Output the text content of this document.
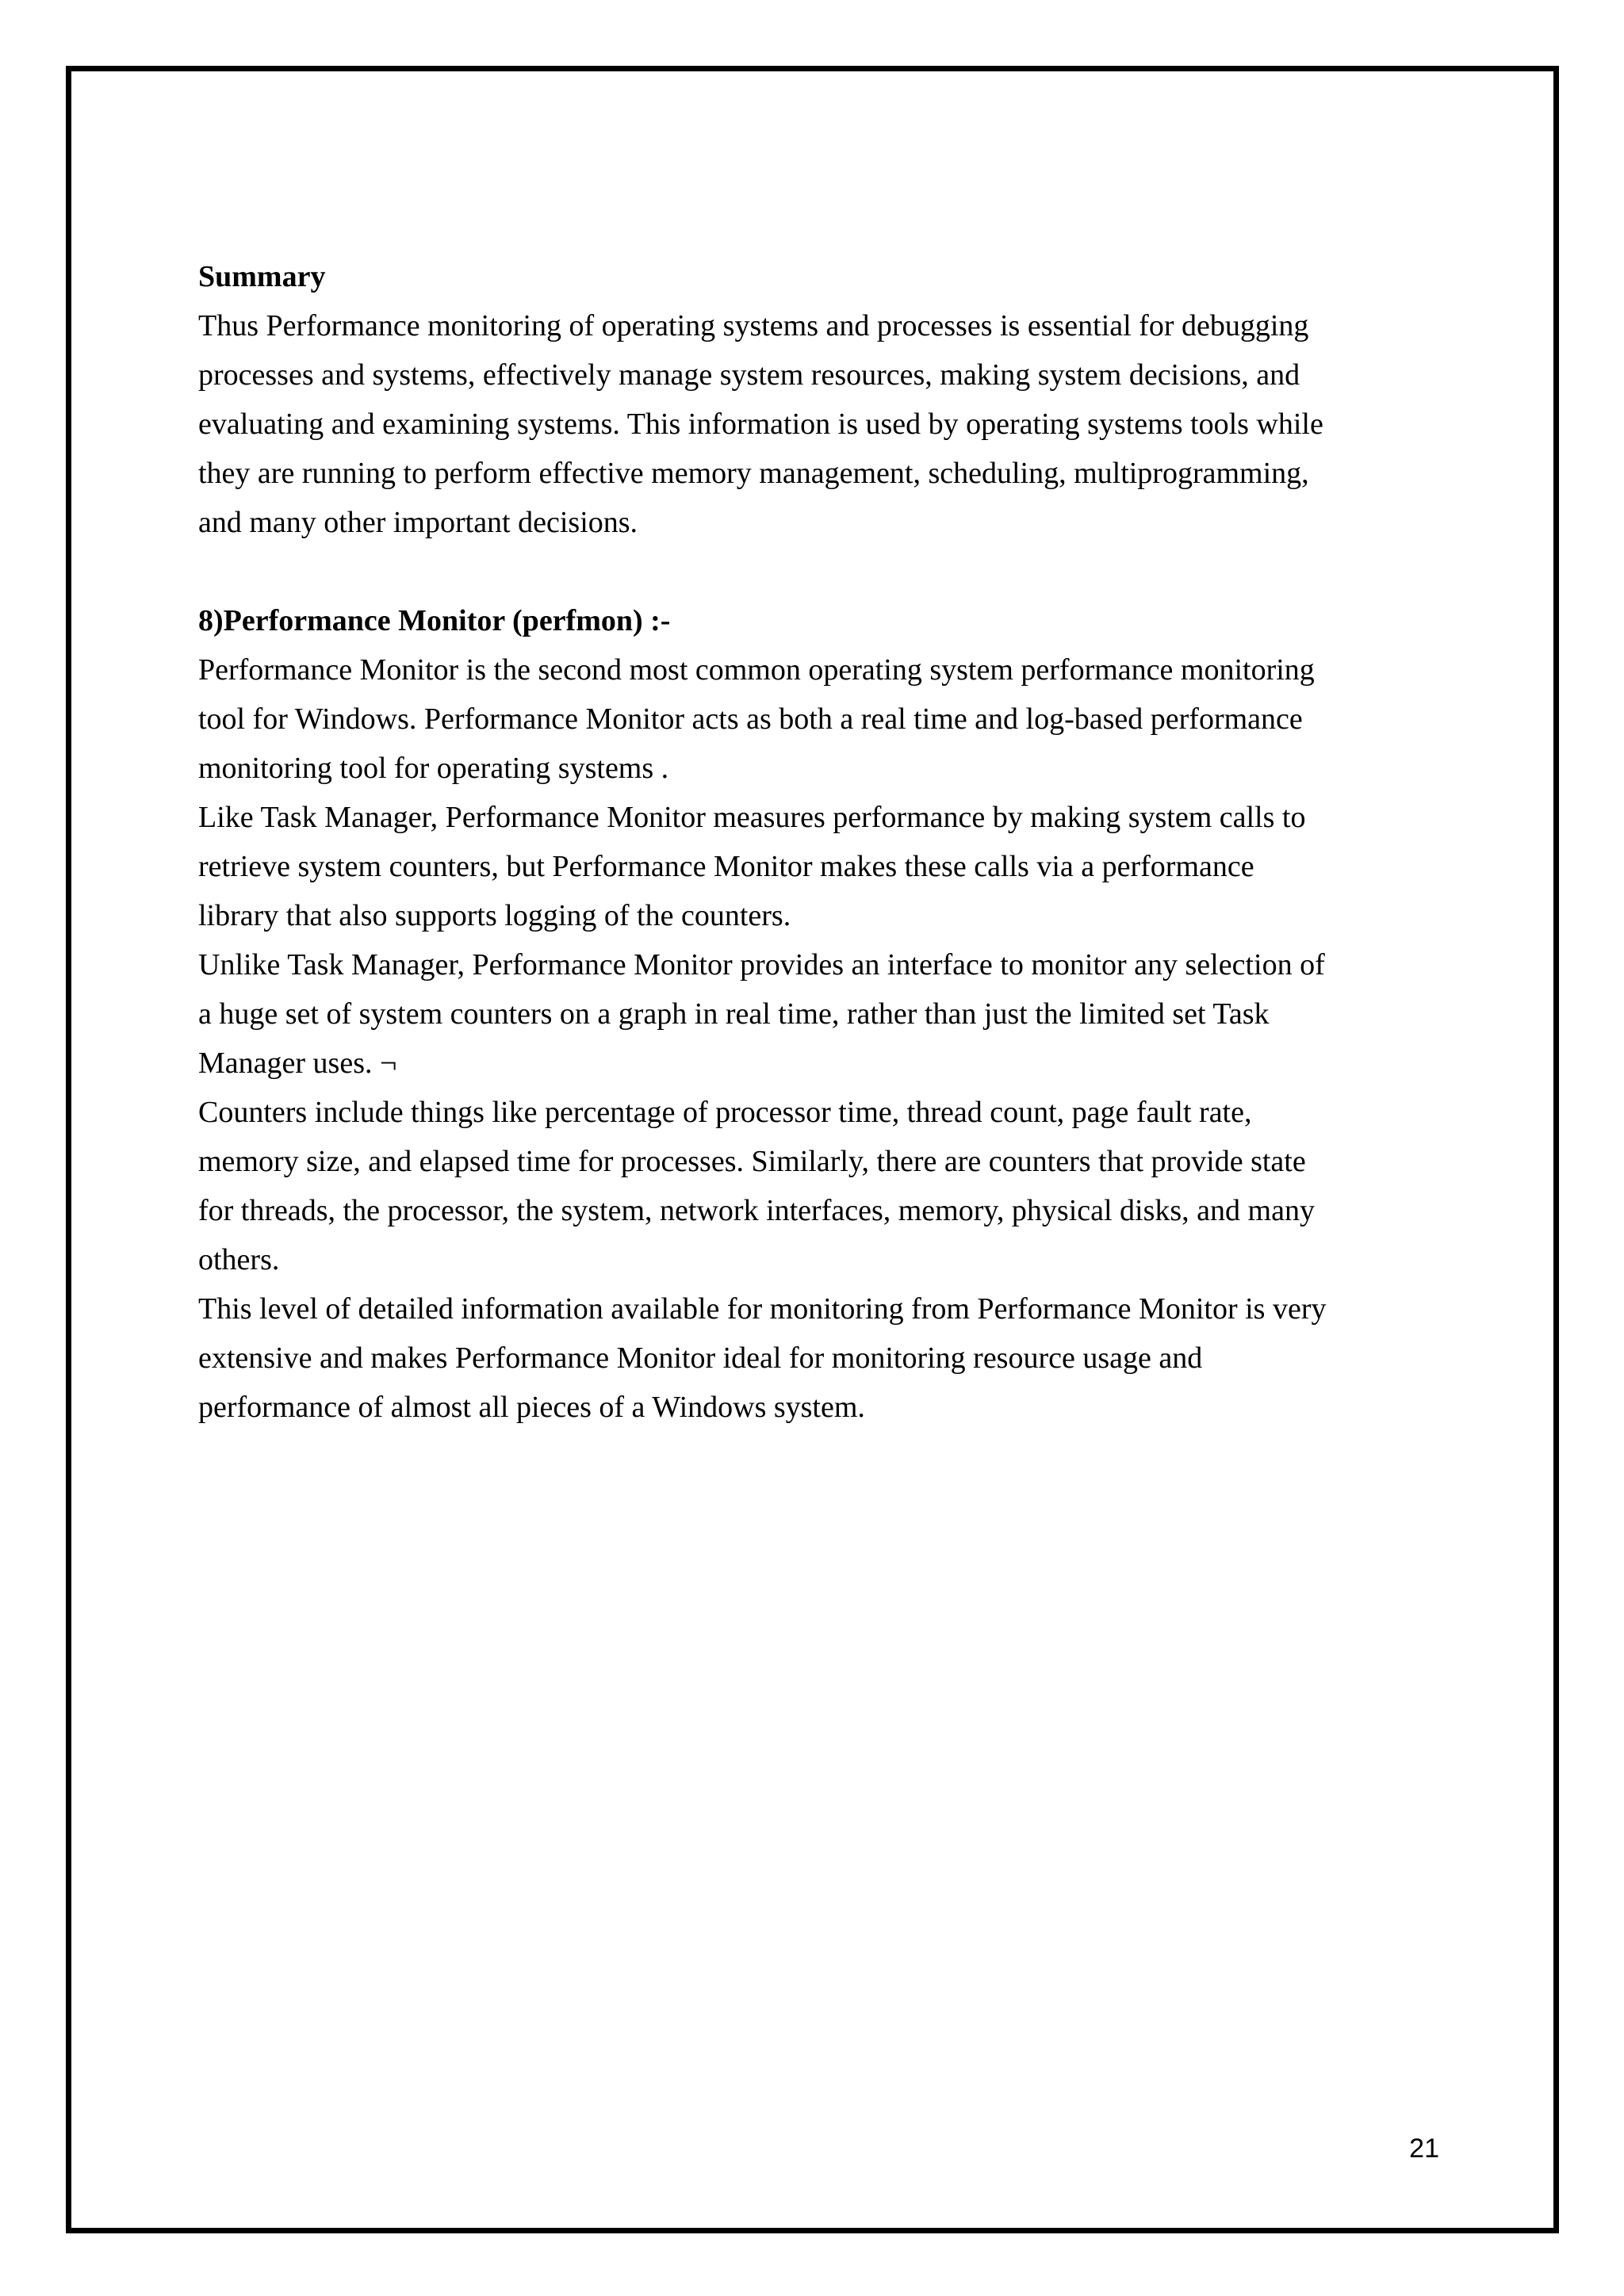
Summary
Thus Performance monitoring of operating systems and processes is essential for debugging
processes and systems, effectively manage system resources, making system decisions, and
evaluating and examining systems. This information is used by operating systems tools while
they are running to perform effective memory management, scheduling, multiprogramming,
and many other important decisions.
8)Performance Monitor (perfmon) :-
Performance Monitor is the second most common operating system performance monitoring
tool for Windows. Performance Monitor acts as both a real time and log-based performance
monitoring tool for operating systems .
Like Task Manager, Performance Monitor measures performance by making system calls to
retrieve system counters, but Performance Monitor makes these calls via a performance
library that also supports logging of the counters.
Unlike Task Manager, Performance Monitor provides an interface to monitor any selection of
a huge set of system counters on a graph in real time, rather than just the limited set Task
Manager uses. ¬
Counters include things like percentage of processor time, thread count, page fault rate,
memory size, and elapsed time for processes. Similarly, there are counters that provide state
for threads, the processor, the system, network interfaces, memory, physical disks, and many
others.
This level of detailed information available for monitoring from Performance Monitor is very
extensive and makes Performance Monitor ideal for monitoring resource usage and
performance of almost all pieces of a Windows system.
21
